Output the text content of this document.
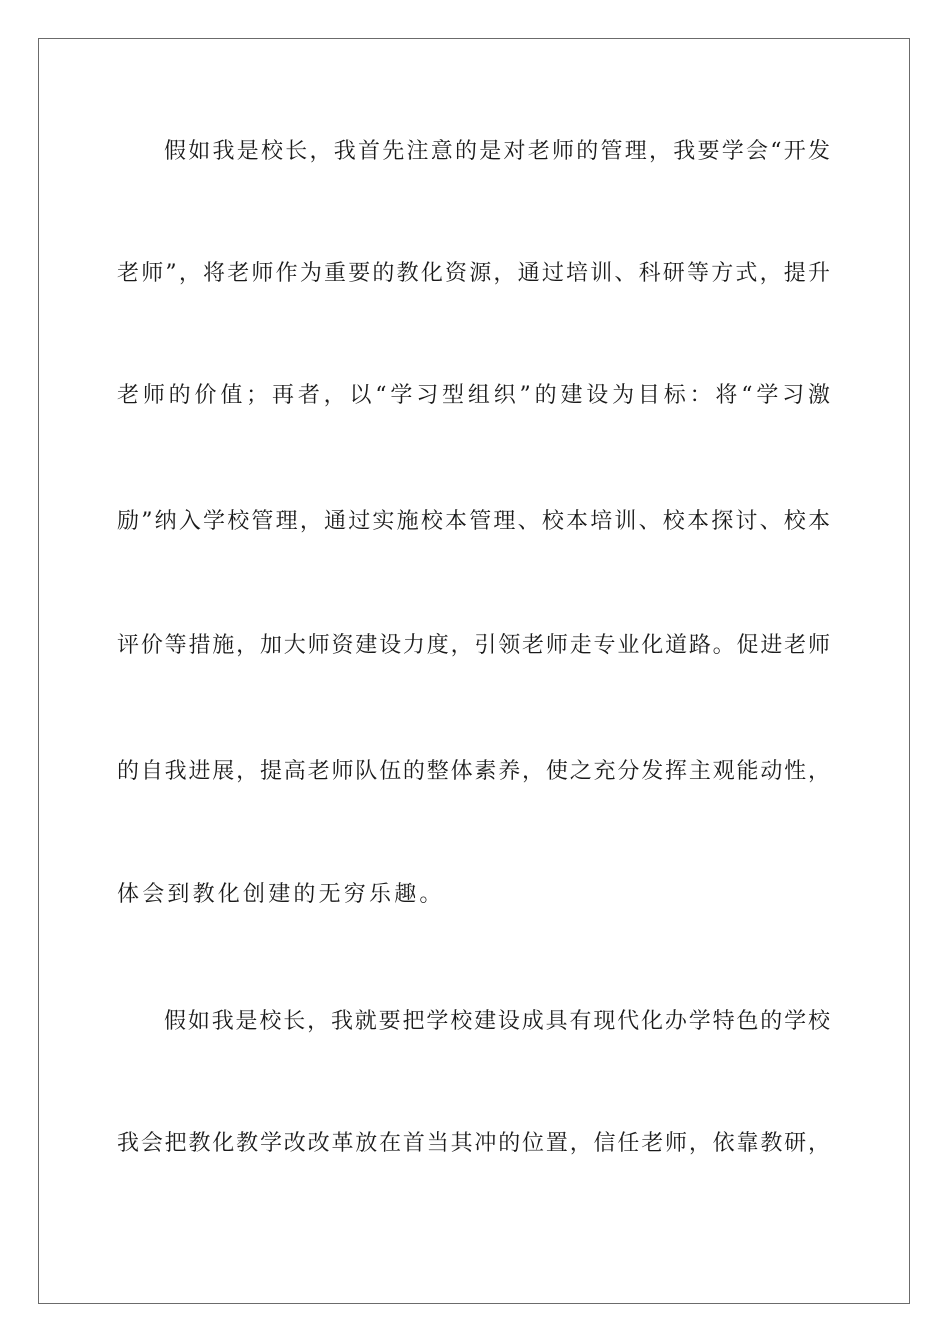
假如我是校长，我首先注意的是对老师的管理，我要学会“开发
老师”，将老师作为重要的教化资源，通过培训、科研等方式，提升
老师的价值；再者，以“学习型组织”的建设为目标：将“学习激
励”纳入学校管理，通过实施校本管理、校本培训、校本探讨、校本
评价等措施，加大师资建设力度，引领老师走专业化道路。促进老师
的自我进展，提高老师队伍的整体素养，使之充分发挥主观能动性，
体会到教化创建的无穷乐趣。
假如我是校长，我就要把学校建设成具有现代化办学特色的学校
我会把教化教学改改革放在首当其冲的位置，信任老师，依靠教研，
